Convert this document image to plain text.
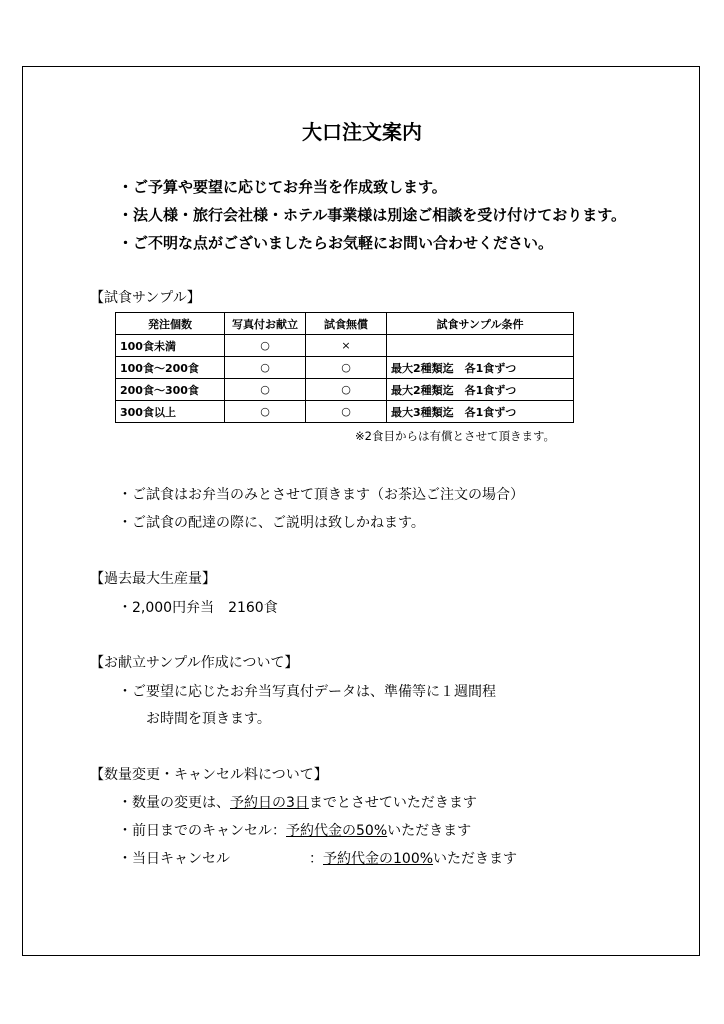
大口注文案内
・ご予算や要望に応じてお弁当を作成致します。
・法人様・旅行会社様・ホテル事業様は別途ご相談を受け付けております。
・ご不明な点がございましたらお気軽にお問い合わせください。
【試食サンプル】
発注個数	写真付お献立	試食無償	試食サンプル条件
100食未満	○	×	
100食～200食	○	○	最大2種類迄　各1食ずつ
200食～300食	○	○	最大2種類迄　各1食ずつ
300食以上	○	○	最大3種類迄　各1食ずつ
※2食目からは有償とさせて頂きます。
・ご試食はお弁当のみとさせて頂きます（お茶込ご注文の場合）
・ご試食の配達の際に、ご説明は致しかねます。
【過去最大生産量】
・2,000円弁当　2160食
【お献立サンプル作成について】
・ご要望に応じたお弁当写真付データは、準備等に１週間程
お時間を頂きます。
【数量変更・キャンセル料について】
・数量の変更は、予約日の3日までとさせていただきます
・前日までのキャンセル：予約代金の50%いただきます
・当日キャンセル	：予約代金の100%いただきます
